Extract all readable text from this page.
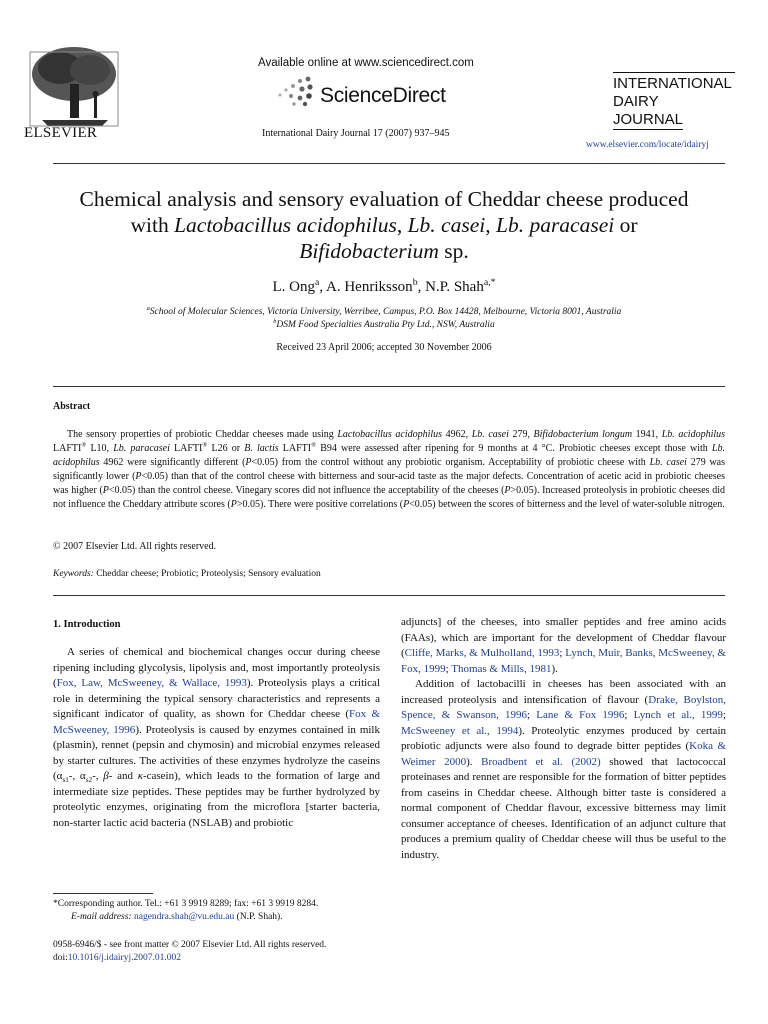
ELSEVIER
Available online at www.sciencedirect.com
ScienceDirect
International Dairy Journal 17 (2007) 937–945
INTERNATIONAL
DAIRY
JOURNAL
www.elsevier.com/locate/idairyj
Chemical analysis and sensory evaluation of Cheddar cheese produced
with Lactobacillus acidophilus, Lb. casei, Lb. paracasei or
Bifidobacterium sp.
L. Ong$^a$, A. Henriksson$^b$, N.P. Shah$^{a,*}$
$^a$School of Molecular Sciences, Victoria University, Werribee, Campus, P.O. Box 14428, Melbourne, Victoria 8001, Australia
$^b$DSM Food Specialties Australia Pty Ltd., NSW, Australia
Received 23 April 2006; accepted 30 November 2006
Abstract

The sensory properties of probiotic Cheddar cheeses made using Lactobacillus acidophilus 4962, Lb. casei 279, Bifidobacterium longum 1941, Lb. acidophilus LAFTI® L10, Lb. paracasei LAFTI® L26 or B. lactis LAFTI® B94 were assessed after ripening for 9 months at 4 °C. Probiotic cheeses except those with Lb. acidophilus 4962 were significantly different (P<0.05) from the control without any probiotic organism. Acceptability of probiotic cheese with Lb. casei 279 was significantly lower (P<0.05) than that of the control cheese with bitterness and sour-acid taste as the major defects. Concentration of acetic acid in probiotic cheeses was higher (P<0.05) than the control cheese. Vinegary scores did not influence the acceptability of the cheeses (P>0.05). Increased proteolysis in probiotic cheeses did not influence the Cheddary attribute scores (P>0.05). There were positive correlations (P<0.05) between the scores of bitterness and the level of water-soluble nitrogen.

© 2007 Elsevier Ltd. All rights reserved.
Keywords: Cheddar cheese; Probiotic; Proteolysis; Sensory evaluation
1. Introduction

A series of chemical and biochemical changes occur during cheese ripening including glycolysis, lipolysis and, most importantly proteolysis (Fox, Law, McSweeney, & Wallace, 1993). Proteolysis plays a critical role in determining the typical sensory characteristics and represents a significant indicator of quality, as shown for Cheddar cheese (Fox & McSweeney, 1996). Proteolysis is caused by enzymes contained in milk (plasmin), rennet (pepsin and chymosin) and microbial enzymes released by starter cultures. The activities of these enzymes hydrolyze the caseins ($\alpha_{s1}-$, $\alpha_{s2}-$, β- and κ-casein), which leads to the formation of large and intermediate size peptides. These peptides may be further hydrolyzed by proteolytic enzymes, originating from the microflora [starter bacteria, non-starter lactic acid bacteria (NSLAB) and probiotic

*Corresponding author. Tel.: +61 3 9919 8289; fax: +61 3 9919 8284.
E-mail address: nagendra.shah@vu.edu.au (N.P. Shah).
0958-6946/$ - see front matter © 2007 Elsevier Ltd. All rights reserved.
doi:10.1016/j.idairyj.2007.01.002

adjuncts] of the cheeses, into smaller peptides and free amino acids (FAAs), which are important for the development of Cheddar flavour (Cliffe, Marks, & Mulholland, 1993; Lynch, Muir, Banks, McSweeney, & Fox, 1999; Thomas & Mills, 1981).

Addition of lactobacilli in cheeses has been associated with an increased proteolysis and intensification of flavour (Drake, Boylston, Spence, & Swanson, 1996; Lane & Fox 1996; Lynch et al., 1999; McSweeney et al., 1994). Proteolytic enzymes produced by certain probiotic adjuncts were also found to degrade bitter peptides (Koka & Weimer 2000). Broadbent et al. (2002) showed that lactococcal proteinases and rennet are responsible for the formation of bitter peptides from caseins in Cheddar cheese. Although bitter taste is considered a normal component of Cheddar flavour, excessive bitterness may limit consumer acceptance of cheeses. Identification of an adjunct culture that produces a premium quality of Cheddar cheese will thus be useful to the industry.
